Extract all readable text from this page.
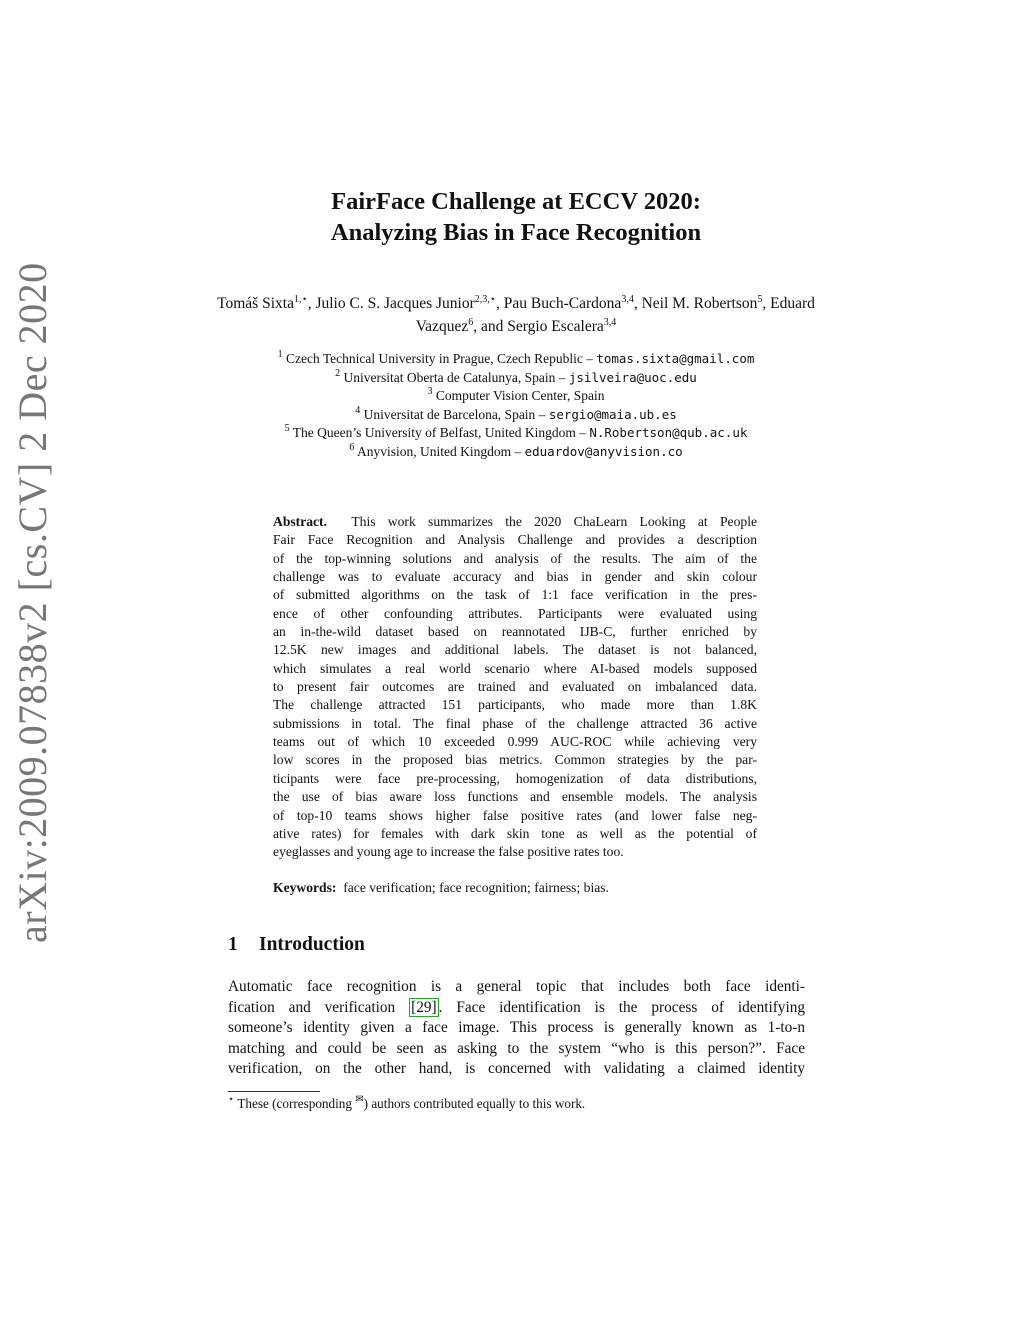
arXiv:2009.07838v2 [cs.CV] 2 Dec 2020
FairFace Challenge at ECCV 2020:
Analyzing Bias in Face Recognition
Tomáš Sixta$^{1,⋆}$, Julio C. S. Jacques Junior$^{2,3,⋆}$, Pau Buch-Cardona$^{3,4}$, Neil M. Robertson$^5$, Eduard Vazquez$^6$, and Sergio Escalera$^{3,4}$
$^1$ Czech Technical University in Prague, Czech Republic – tomas.sixta@gmail.com
$^2$ Universitat Oberta de Catalunya, Spain – jsilveira@uoc.edu
$^3$ Computer Vision Center, Spain
$^4$ Universitat de Barcelona, Spain – sergio@maia.ub.es
$^5$ The Queen’s University of Belfast, United Kingdom – N.Robertson@qub.ac.uk
$^6$ Anyvision, United Kingdom – eduardov@anyvision.co
Abstract. This work summarizes the 2020 ChaLearn Looking at People
Fair Face Recognition and Analysis Challenge and provides a description
of the top-winning solutions and analysis of the results. The aim of the
challenge was to evaluate accuracy and bias in gender and skin colour
of submitted algorithms on the task of 1:1 face verification in the pres-
ence of other confounding attributes. Participants were evaluated using
an in-the-wild dataset based on reannotated IJB-C, further enriched by
12.5K new images and additional labels. The dataset is not balanced,
which simulates a real world scenario where AI-based models supposed
to present fair outcomes are trained and evaluated on imbalanced data.
The challenge attracted 151 participants, who made more than 1.8K
submissions in total. The final phase of the challenge attracted 36 active
teams out of which 10 exceeded 0.999 AUC-ROC while achieving very
low scores in the proposed bias metrics. Common strategies by the par-
ticipants were face pre-processing, homogenization of data distributions,
the use of bias aware loss functions and ensemble models. The analysis
of top-10 teams shows higher false positive rates (and lower false neg-
ative rates) for females with dark skin tone as well as the potential of
eyeglasses and young age to increase the false positive rates too.
Keywords: face verification; face recognition; fairness; bias.
1 Introduction
Automatic face recognition is a general topic that includes both face identi-
fication and verification [29] . Face identification is the process of identifying
someone’s identity given a face image. This process is generally known as 1-to-n
matching and could be seen as asking to the system “who is this person?”. Face
verification, on the other hand, is concerned with validating a claimed identity
⋆ These (corresponding ✉) authors contributed equally to this work.
